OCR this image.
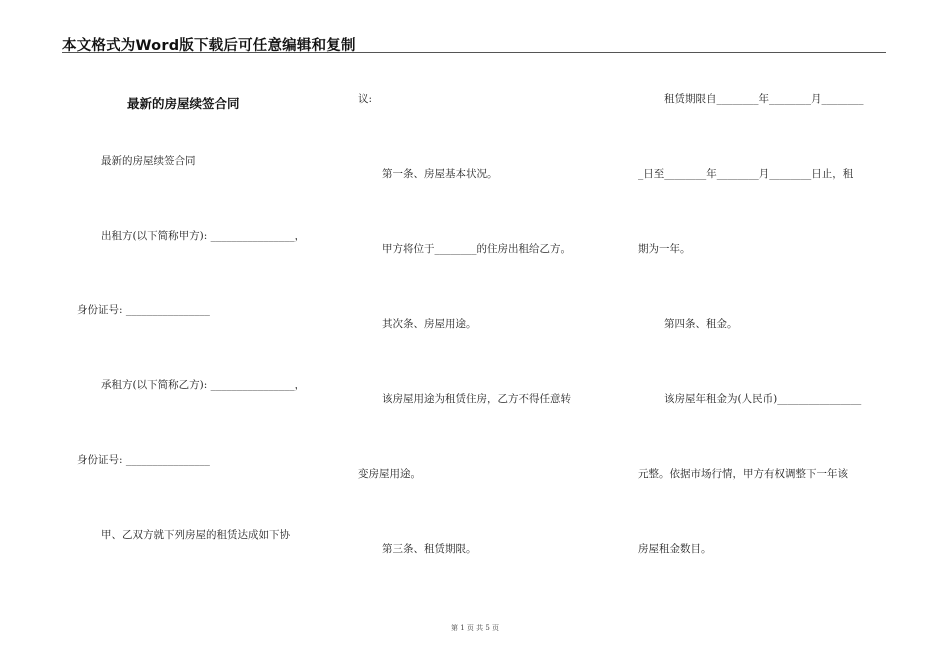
本文格式为Word版下载后可任意编辑和复制
最新的房屋续签合同
最新的房屋续签合同
出租方(以下简称甲方): ________________，
身份证号: ________________
承租方(以下简称乙方): ________________，
身份证号: ________________
甲、乙双方就下列房屋的租赁达成如下协
议:
第一条、房屋基本状况。
甲方将位于________的住房出租给乙方。
其次条、房屋用途。
该房屋用途为租赁住房，乙方不得任意转
变房屋用途。
第三条、租赁期限。
租赁期限自________年________月________
_日至________年________月________日止，租
期为一年。
第四条、租金。
该房屋年租金为(人民币)________________
元整。依据市场行情，甲方有权调整下一年该
房屋租金数目。
第 1 页 共 5 页
